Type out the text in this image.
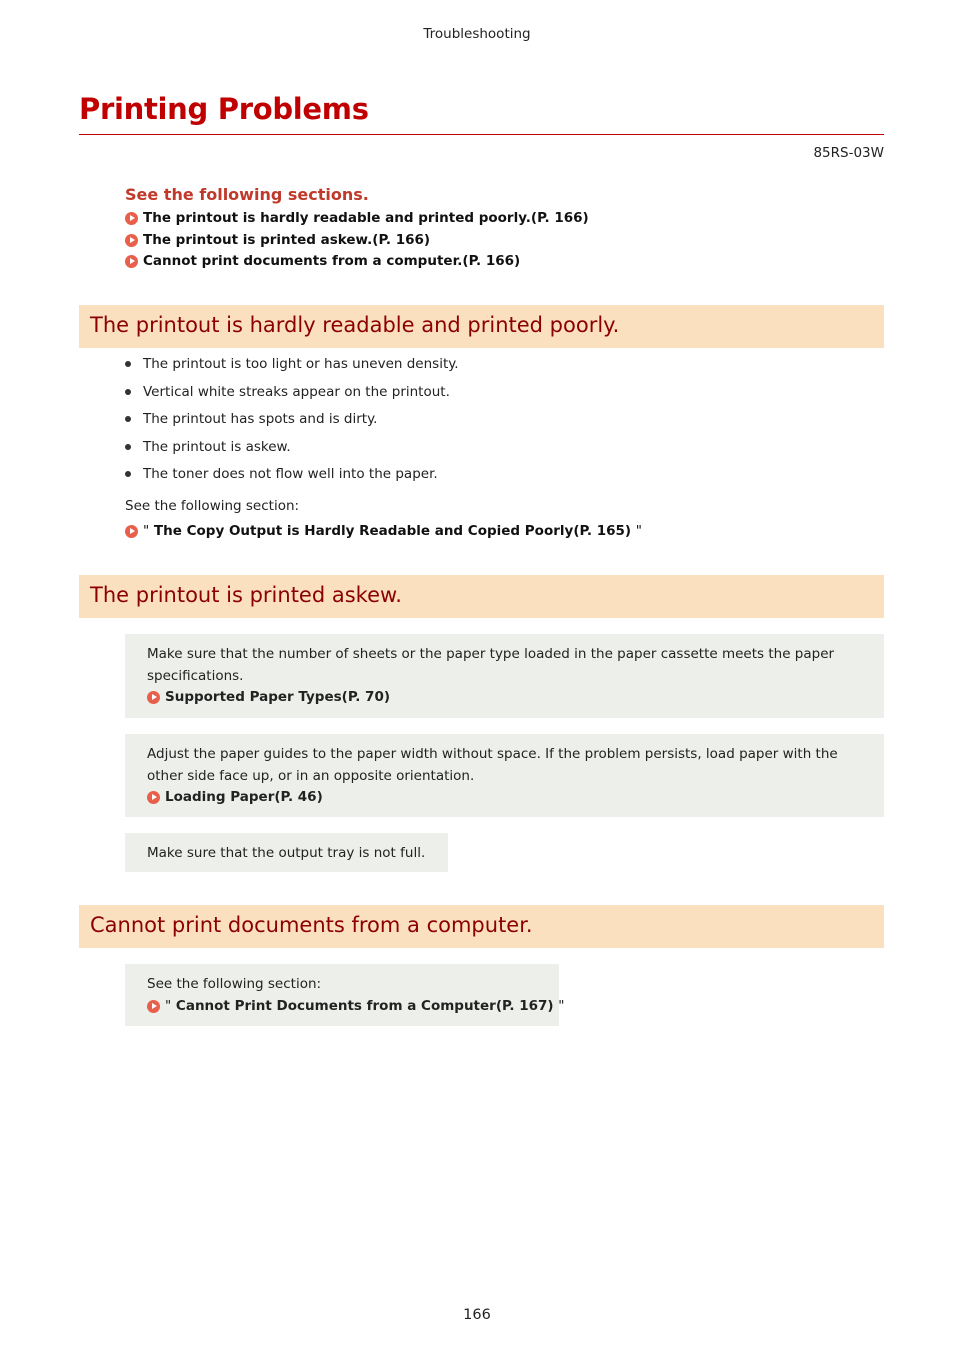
Troubleshooting
Printing Problems
85RS-03W
See the following sections.
The printout is hardly readable and printed poorly.(P. 166)
The printout is printed askew.(P. 166)
Cannot print documents from a computer.(P. 166)
The printout is hardly readable and printed poorly.
The printout is too light or has uneven density.
Vertical white streaks appear on the printout.
The printout has spots and is dirty.
The printout is askew.
The toner does not flow well into the paper.
See the following section:
"
The Copy Output is Hardly Readable and Copied Poorly(P. 165)
"
The printout is printed askew.
Make sure that the number of sheets or the paper type loaded in the paper cassette meets the paper specifications.
Supported Paper Types(P. 70)
Adjust the paper guides to the paper width without space. If the problem persists, load paper with the other side face up, or in an opposite orientation.
Loading Paper(P. 46)
Make sure that the output tray is not full.
Cannot print documents from a computer.
See the following section:
"
Cannot Print Documents from a Computer(P. 167)
"
166
